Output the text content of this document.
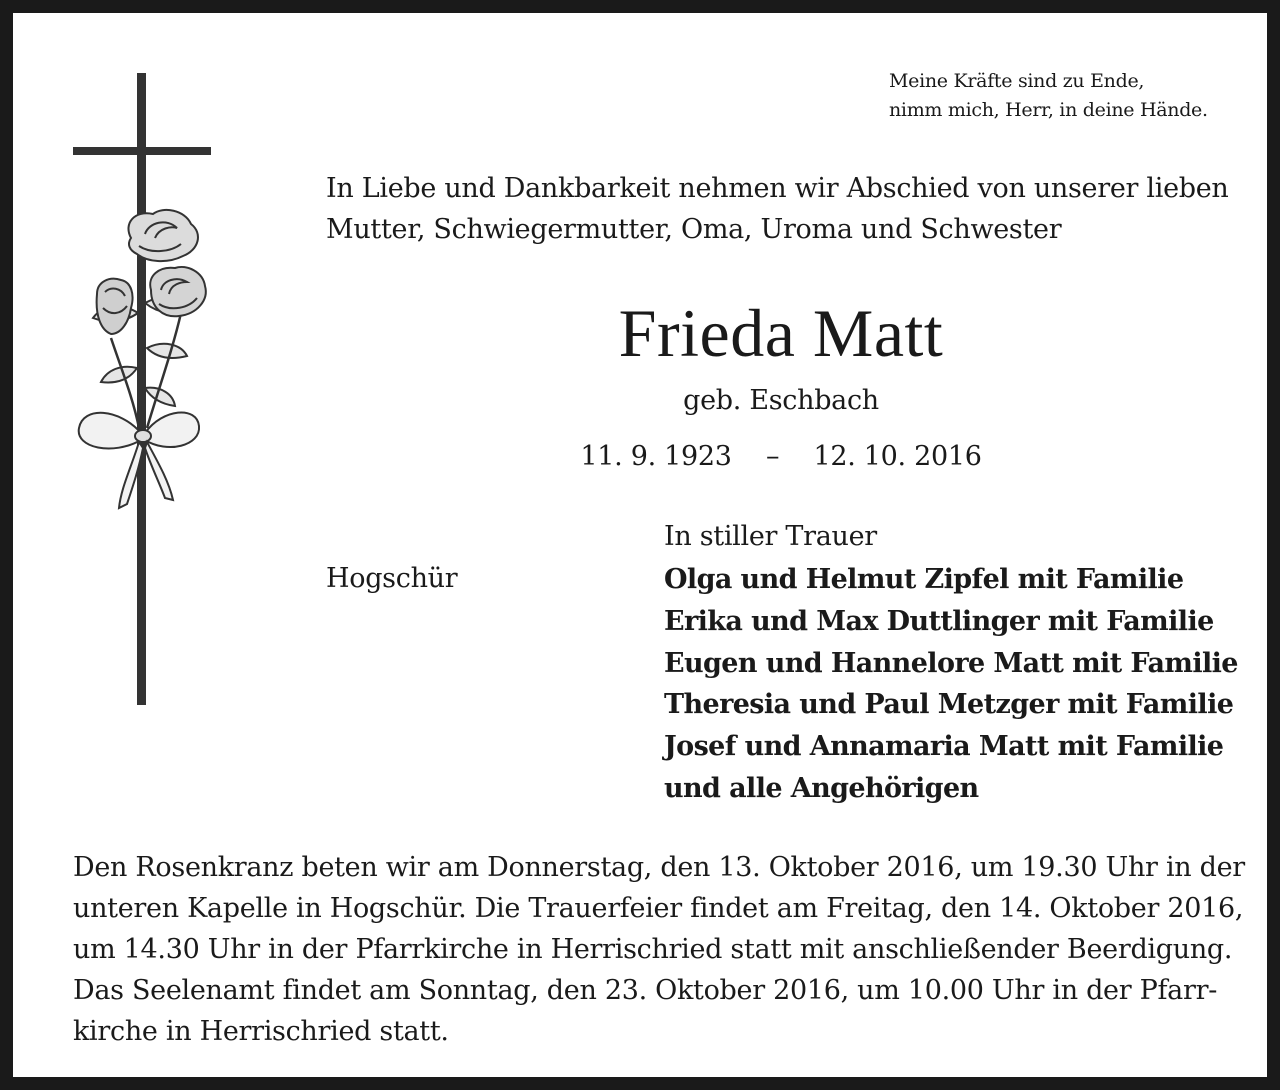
Meine Kräfte sind zu Ende,
nimm mich, Herr, in deine Hände.
In Liebe und Dankbarkeit nehmen wir Abschied von unserer lieben
Mutter, Schwiegermutter, Oma, Uroma und Schwester
Frieda Matt
geb. Eschbach
11. 9. 1923 – 12. 10. 2016
In stiller Trauer
Hogschür	Olga und Helmut Zipfel mit Familie
Erika und Max Duttlinger mit Familie
Eugen und Hannelore Matt mit Familie
Theresia und Paul Metzger mit Familie
Josef und Annamaria Matt mit Familie
und alle Angehörigen
Den Rosenkranz beten wir am Donnerstag, den 13. Oktober 2016, um 19.30 Uhr in der
unteren Kapelle in Hogschür. Die Trauerfeier findet am Freitag, den 14. Oktober 2016,
um 14.30 Uhr in der Pfarrkirche in Herrischried statt mit anschließender Beerdigung.
Das Seelenamt findet am Sonntag, den 23. Oktober 2016, um 10.00 Uhr in der Pfarr-
kirche in Herrischried statt.
